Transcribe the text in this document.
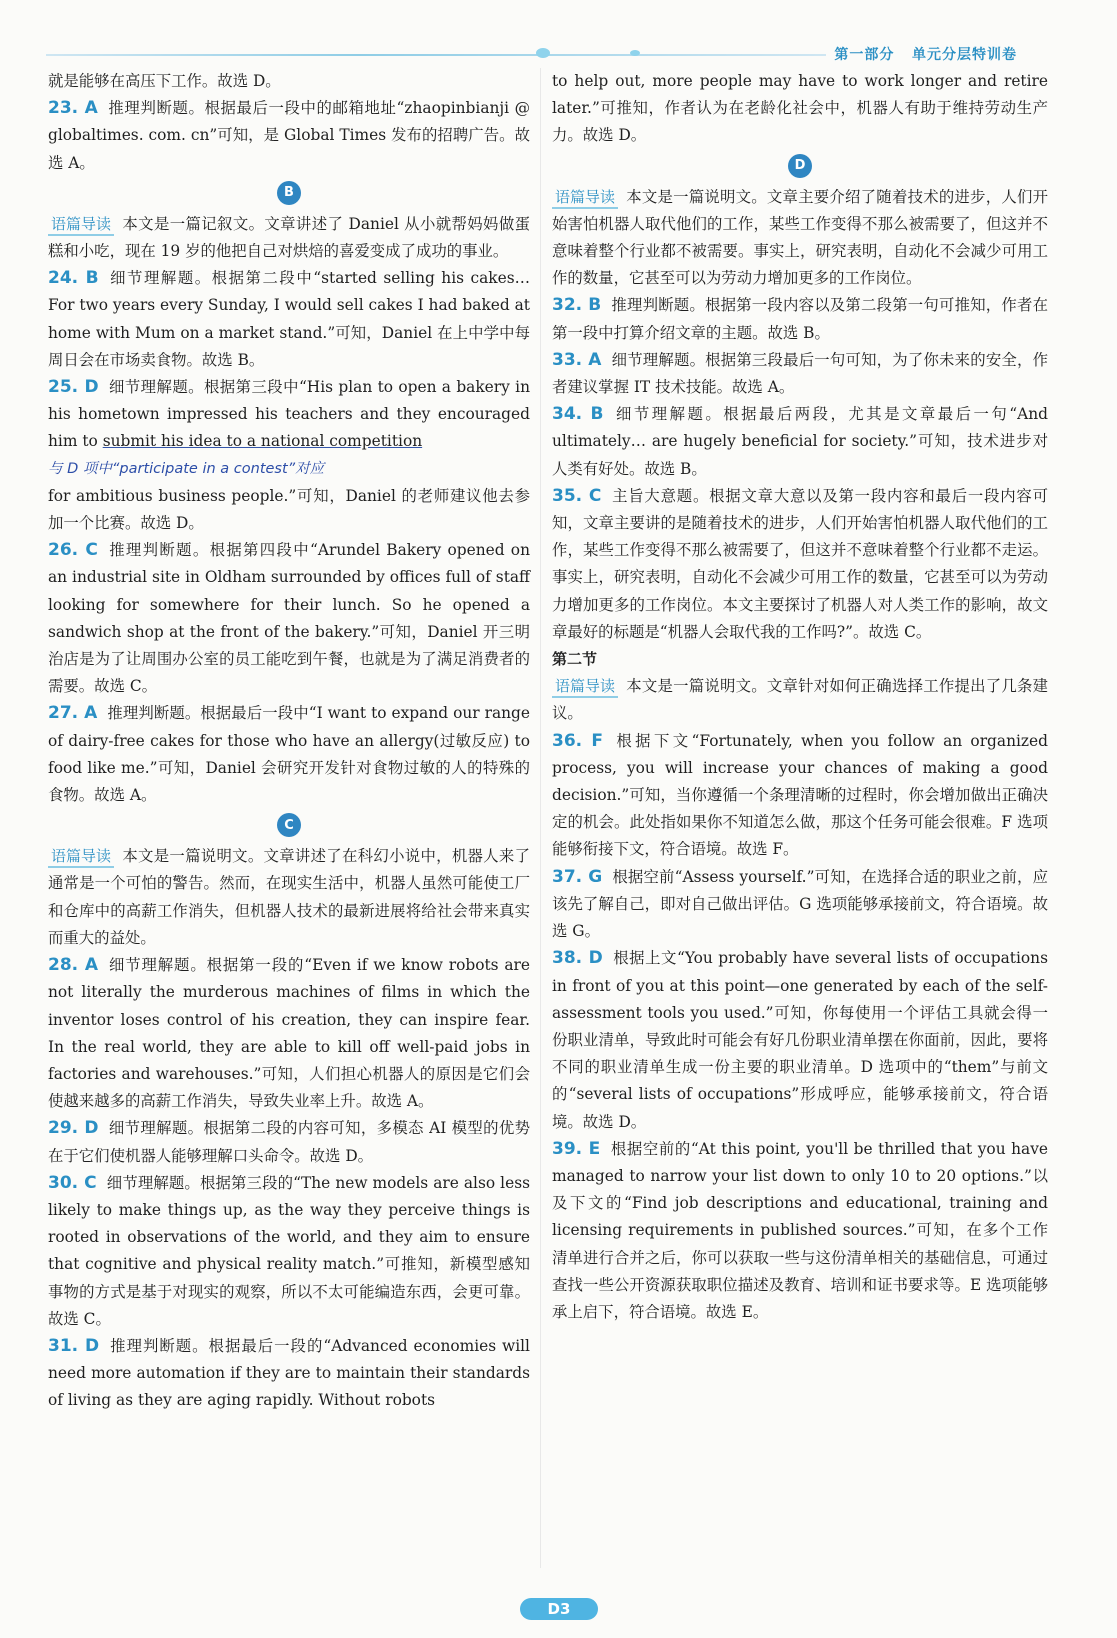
第一部分 单元分层特训卷

就是能够在高压下工作。故选 D。

23. A 推理判断题。根据最后一段中的邮箱地址“zhaopinbianji @ globaltimes. com. cn”可知，是 Global Times 发布的招聘广告。故选 A。

B

语篇导读 本文是一篇记叙文。文章讲述了 Daniel 从小就帮妈妈做蛋糕和小吃，现在 19 岁的他把自己对烘焙的喜爱变成了成功的事业。

24. B 细节理解题。根据第二段中“started selling his cakes… For two years every Sunday, I would sell cakes I had baked at home with Mum on a market stand.”可知，Daniel 在上中学中每周日会在市场卖食物。故选 B。

25. D 细节理解题。根据第三段中“His plan to open a bakery in his hometown impressed his teachers and they encouraged him to submit his idea to a national competition

与 D 项中“participate in a contest”对应

for ambitious business people.”可知，Daniel 的老师建议他去参加一个比赛。故选 D。

26. C 推理判断题。根据第四段中“Arundel Bakery opened on an industrial site in Oldham surrounded by offices full of staff looking for somewhere for their lunch. So he opened a sandwich shop at the front of the bakery.”可知，Daniel 开三明治店是为了让周围办公室的员工能吃到午餐，也就是为了满足消费者的需要。故选 C。

27. A 推理判断题。根据最后一段中“I want to expand our range of dairy-free cakes for those who have an allergy(过敏反应) to food like me.”可知，Daniel 会研究开发针对食物过敏的人的特殊的食物。故选 A。

C

语篇导读 本文是一篇说明文。文章讲述了在科幻小说中，机器人来了通常是一个可怕的警告。然而，在现实生活中，机器人虽然可能使工厂和仓库中的高薪工作消失，但机器人技术的最新进展将给社会带来真实而重大的益处。

28. A 细节理解题。根据第一段的“Even if we know robots are not literally the murderous machines of films in which the inventor loses control of his creation, they can inspire fear. In the real world, they are able to kill off well-paid jobs in factories and warehouses.”可知，人们担心机器人的原因是它们会使越来越多的高薪工作消失，导致失业率上升。故选 A。

29. D 细节理解题。根据第二段的内容可知，多模态 AI 模型的优势在于它们使机器人能够理解口头命令。故选 D。

30. C 细节理解题。根据第三段的“The new models are also less likely to make things up, as the way they perceive things is rooted in observations of the world, and they aim to ensure that cognitive and physical reality match.”可推知，新模型感知事物的方式是基于对现实的观察，所以不太可能编造东西，会更可靠。故选 C。

31. D 推理判断题。根据最后一段的“Advanced economies will need more automation if they are to maintain their standards of living as they are aging rapidly. Without robots

to help out, more people may have to work longer and retire later.”可推知，作者认为在老龄化社会中，机器人有助于维持劳动生产力。故选 D。

D

语篇导读 本文是一篇说明文。文章主要介绍了随着技术的进步，人们开始害怕机器人取代他们的工作，某些工作变得不那么被需要了，但这并不意味着整个行业都不被需要。事实上，研究表明，自动化不会减少可用工作的数量，它甚至可以为劳动力增加更多的工作岗位。

32. B 推理判断题。根据第一段内容以及第二段第一句可推知，作者在第一段中打算介绍文章的主题。故选 B。

33. A 细节理解题。根据第三段最后一句可知，为了你未来的安全，作者建议掌握 IT 技术技能。故选 A。

34. B 细节理解题。根据最后两段，尤其是文章最后一句“And ultimately… are hugely beneficial for society.”可知，技术进步对人类有好处。故选 B。

35. C 主旨大意题。根据文章大意以及第一段内容和最后一段内容可知，文章主要讲的是随着技术的进步，人们开始害怕机器人取代他们的工作，某些工作变得不那么被需要了，但这并不意味着整个行业都不走运。事实上，研究表明，自动化不会减少可用工作的数量，它甚至可以为劳动力增加更多的工作岗位。本文主要探讨了机器人对人类工作的影响，故文章最好的标题是“机器人会取代我的工作吗?”。故选 C。

第二节

语篇导读 本文是一篇说明文。文章针对如何正确选择工作提出了几条建议。

36. F 根据下文“Fortunately, when you follow an organized process, you will increase your chances of making a good decision.”可知，当你遵循一个条理清晰的过程时，你会增加做出正确决定的机会。此处指如果你不知道怎么做，那这个任务可能会很难。F 选项能够衔接下文，符合语境。故选 F。

37. G 根据空前“Assess yourself.”可知，在选择合适的职业之前，应该先了解自己，即对自己做出评估。G 选项能够承接前文，符合语境。故选 G。

38. D 根据上文“You probably have several lists of occupations in front of you at this point—one generated by each of the self-assessment tools you used.”可知，你每使用一个评估工具就会得一份职业清单，导致此时可能会有好几份职业清单摆在你面前，因此，要将不同的职业清单生成一份主要的职业清单。D 选项中的“them”与前文的“several lists of occupations”形成呼应，能够承接前文，符合语境。故选 D。

39. E 根据空前的“At this point, you'll be thrilled that you have managed to narrow your list down to only 10 to 20 options.”以及下文的“Find job descriptions and educational, training and licensing requirements in published sources.”可知，在多个工作清单进行合并之后，你可以获取一些与这份清单相关的基础信息，可通过查找一些公开资源获取职位描述及教育、培训和证书要求等。E 选项能够承上启下，符合语境。故选 E。

D3
